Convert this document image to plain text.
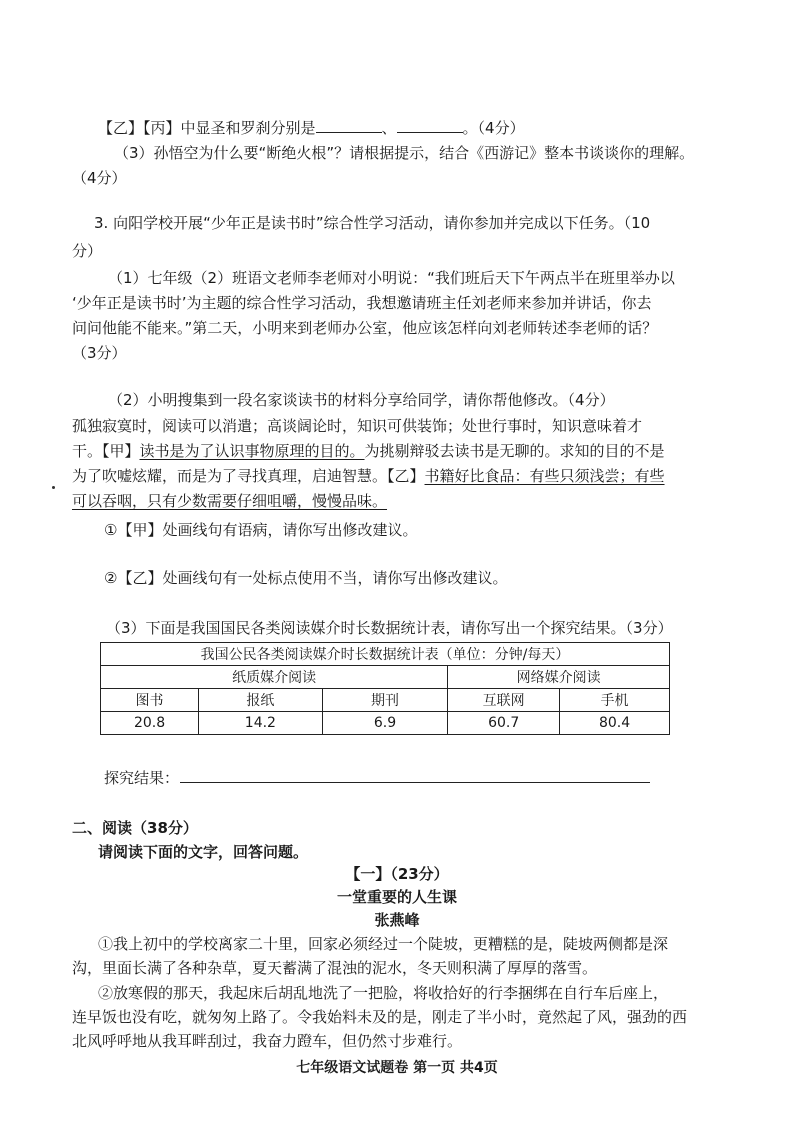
【乙】【丙】中显圣和罗刹分别是	、	。（4分）
（3）孙悟空为什么要“断绝火根”？请根据提示，结合《西游记》整本书谈谈你的理解。
（4分）
3. 向阳学校开展“少年正是读书时”综合性学习活动，请你参加并完成以下任务。（10
分）
（1）七年级（2）班语文老师李老师对小明说：“我们班后天下午两点半在班里举办以
‘少年正是读书时’为主题的综合性学习活动，我想邀请班主任刘老师来参加并讲话，你去
问问他能不能来。”第二天，小明来到老师办公室，他应该怎样向刘老师转述李老师的话？
（3分）
（2）小明搜集到一段名家谈读书的材料分享给同学，请你帮他修改。（4分）
孤独寂寞时，阅读可以消遣；高谈阔论时，知识可供装饰；处世行事时，知识意味着才
干。【甲】读书是为了认识事物原理的目的。为挑剔辩驳去读书是无聊的。求知的目的不是
为了吹嘘炫耀，而是为了寻找真理，启迪智慧。【乙】书籍好比食品：有些只须浅尝；有些
可以吞咽，只有少数需要仔细咀嚼，慢慢品味。
①【甲】处画线句有语病，请你写出修改建议。
②【乙】处画线句有一处标点使用不当，请你写出修改建议。
（3）下面是我国国民各类阅读媒介时长数据统计表，请你写出一个探究结果。（3分）
我国公民各类阅读媒介时长数据统计表（单位：分钟/每天）				
纸质媒介阅读			网络媒介阅读	
图书	报纸	期刊	互联网	手机
20.8	14.2	6.9	60.7	80.4
探究结果：
二、阅读（38分）
请阅读下面的文字，回答问题。
【一】（23分）
一堂重要的人生课
张燕峰
①我上初中的学校离家二十里，回家必须经过一个陡坡，更糟糕的是，陡坡两侧都是深
沟，里面长满了各种杂草，夏天蓄满了混浊的泥水，冬天则积满了厚厚的落雪。
②放寒假的那天，我起床后胡乱地洗了一把脸，将收拾好的行李捆绑在自行车后座上，
连早饭也没有吃，就匆匆上路了。令我始料未及的是，刚走了半小时，竟然起了风，强劲的西
北风呼呼地从我耳畔刮过，我奋力蹬车，但仍然寸步难行。
七年级语文试题卷 第一页 共4页
